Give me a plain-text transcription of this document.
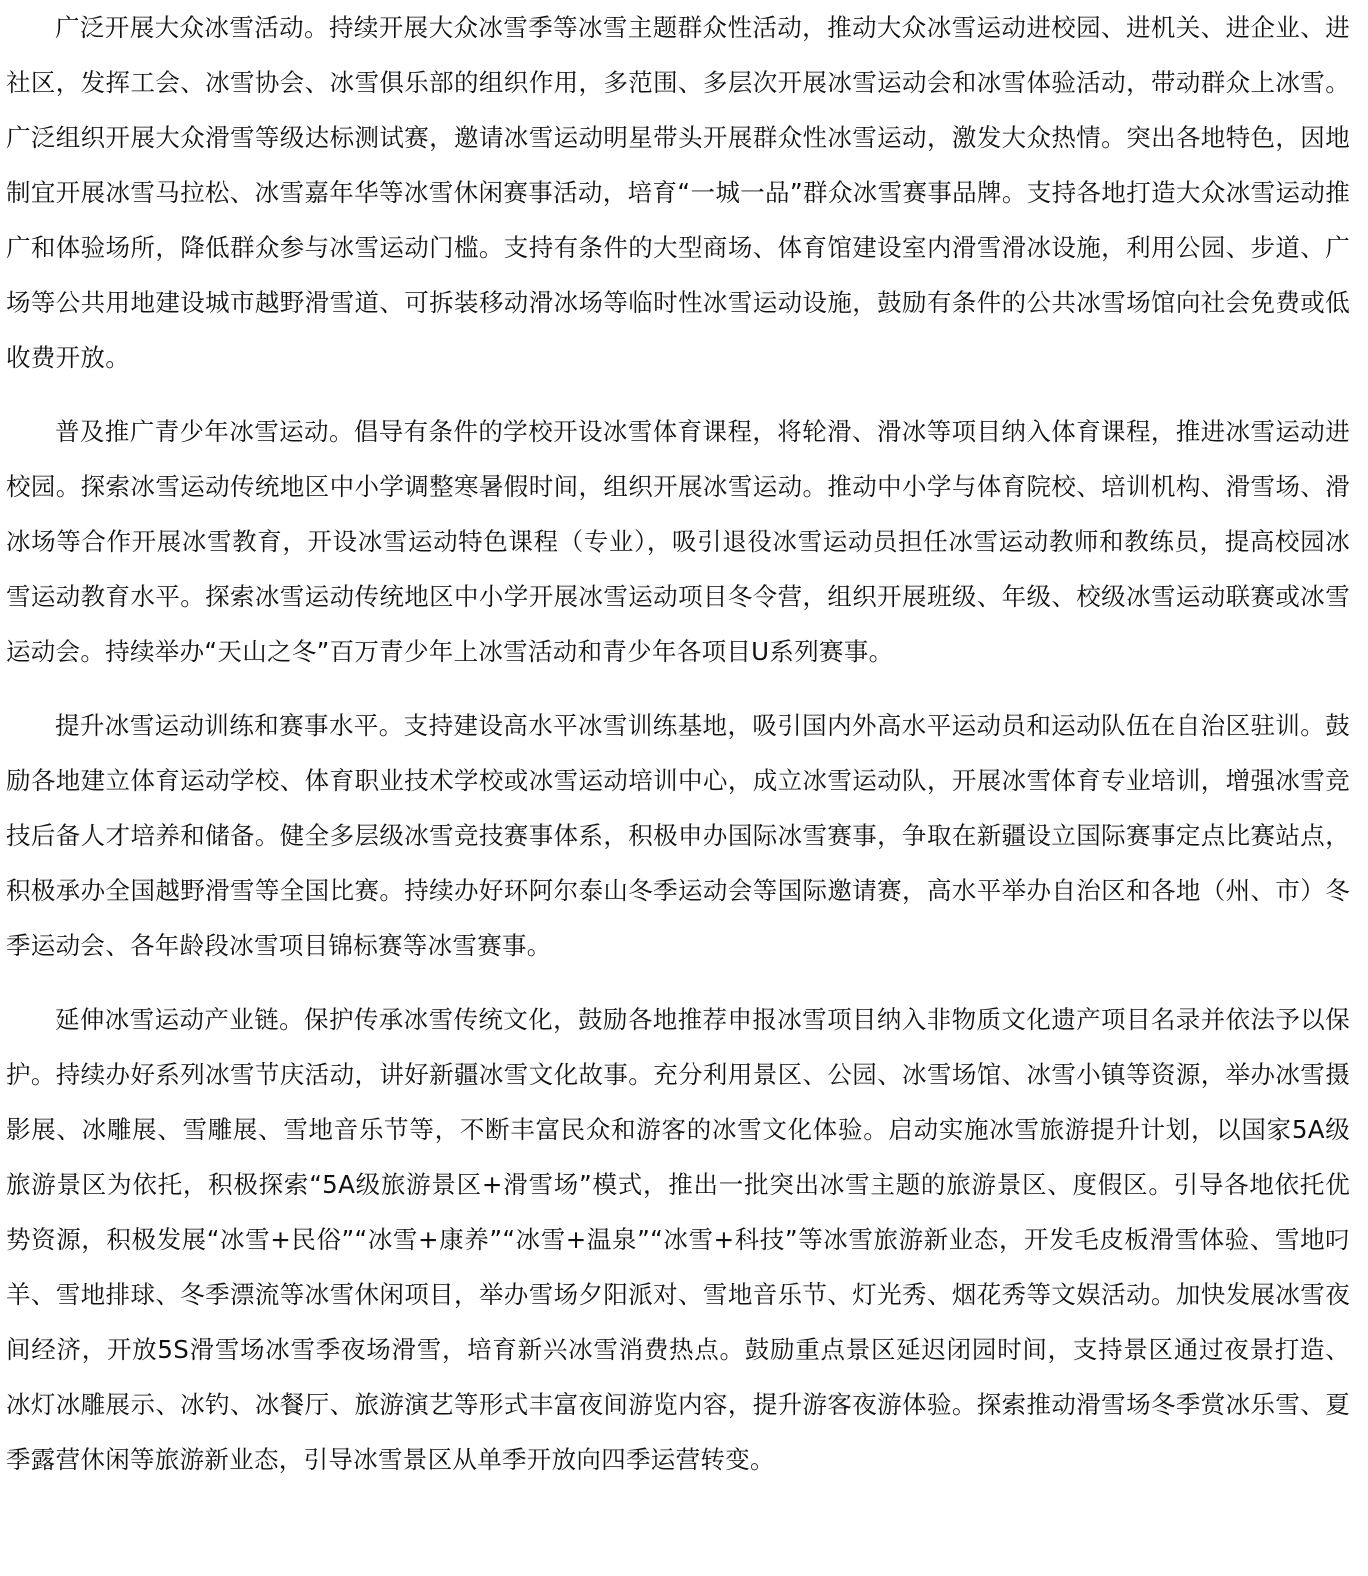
广泛开展大众冰雪活动。持续开展大众冰雪季等冰雪主题群众性活动，推动大众冰雪运动进校园、进机关、进企业、进社区，发挥工会、冰雪协会、冰雪俱乐部的组织作用，多范围、多层次开展冰雪运动会和冰雪体验活动，带动群众上冰雪。广泛组织开展大众滑雪等级达标测试赛，邀请冰雪运动明星带头开展群众性冰雪运动，激发大众热情。突出各地特色，因地制宜开展冰雪马拉松、冰雪嘉年华等冰雪休闲赛事活动，培育“一城一品”群众冰雪赛事品牌。支持各地打造大众冰雪运动推广和体验场所，降低群众参与冰雪运动门槛。支持有条件的大型商场、体育馆建设室内滑雪滑冰设施，利用公园、步道、广场等公共用地建设城市越野滑雪道、可拆装移动滑冰场等临时性冰雪运动设施，鼓励有条件的公共冰雪场馆向社会免费或低收费开放。

普及推广青少年冰雪运动。倡导有条件的学校开设冰雪体育课程，将轮滑、滑冰等项目纳入体育课程，推进冰雪运动进校园。探索冰雪运动传统地区中小学调整寒暑假时间，组织开展冰雪运动。推动中小学与体育院校、培训机构、滑雪场、滑冰场等合作开展冰雪教育，开设冰雪运动特色课程（专业），吸引退役冰雪运动员担任冰雪运动教师和教练员，提高校园冰雪运动教育水平。探索冰雪运动传统地区中小学开展冰雪运动项目冬令营，组织开展班级、年级、校级冰雪运动联赛或冰雪运动会。持续举办“天山之冬”百万青少年上冰雪活动和青少年各项目U系列赛事。

提升冰雪运动训练和赛事水平。支持建设高水平冰雪训练基地，吸引国内外高水平运动员和运动队伍在自治区驻训。鼓励各地建立体育运动学校、体育职业技术学校或冰雪运动培训中心，成立冰雪运动队，开展冰雪体育专业培训，增强冰雪竞技后备人才培养和储备。健全多层级冰雪竞技赛事体系，积极申办国际冰雪赛事，争取在新疆设立国际赛事定点比赛站点，积极承办全国越野滑雪等全国比赛。持续办好环阿尔泰山冬季运动会等国际邀请赛，高水平举办自治区和各地（州、市）冬季运动会、各年龄段冰雪项目锦标赛等冰雪赛事。

延伸冰雪运动产业链。保护传承冰雪传统文化，鼓励各地推荐申报冰雪项目纳入非物质文化遗产项目名录并依法予以保护。持续办好系列冰雪节庆活动，讲好新疆冰雪文化故事。充分利用景区、公园、冰雪场馆、冰雪小镇等资源，举办冰雪摄影展、冰雕展、雪雕展、雪地音乐节等，不断丰富民众和游客的冰雪文化体验。启动实施冰雪旅游提升计划，以国家5A级旅游景区为依托，积极探索“5A级旅游景区+滑雪场”模式，推出一批突出冰雪主题的旅游景区、度假区。引导各地依托优势资源，积极发展“冰雪+民俗”“冰雪+康养”“冰雪+温泉”“冰雪+科技”等冰雪旅游新业态，开发毛皮板滑雪体验、雪地叼羊、雪地排球、冬季漂流等冰雪休闲项目，举办雪场夕阳派对、雪地音乐节、灯光秀、烟花秀等文娱活动。加快发展冰雪夜间经济，开放5S滑雪场冰雪季夜场滑雪，培育新兴冰雪消费热点。鼓励重点景区延迟闭园时间，支持景区通过夜景打造、冰灯冰雕展示、冰钓、冰餐厅、旅游演艺等形式丰富夜间游览内容，提升游客夜游体验。探索推动滑雪场冬季赏冰乐雪、夏季露营休闲等旅游新业态，引导冰雪景区从单季开放向四季运营转变。
